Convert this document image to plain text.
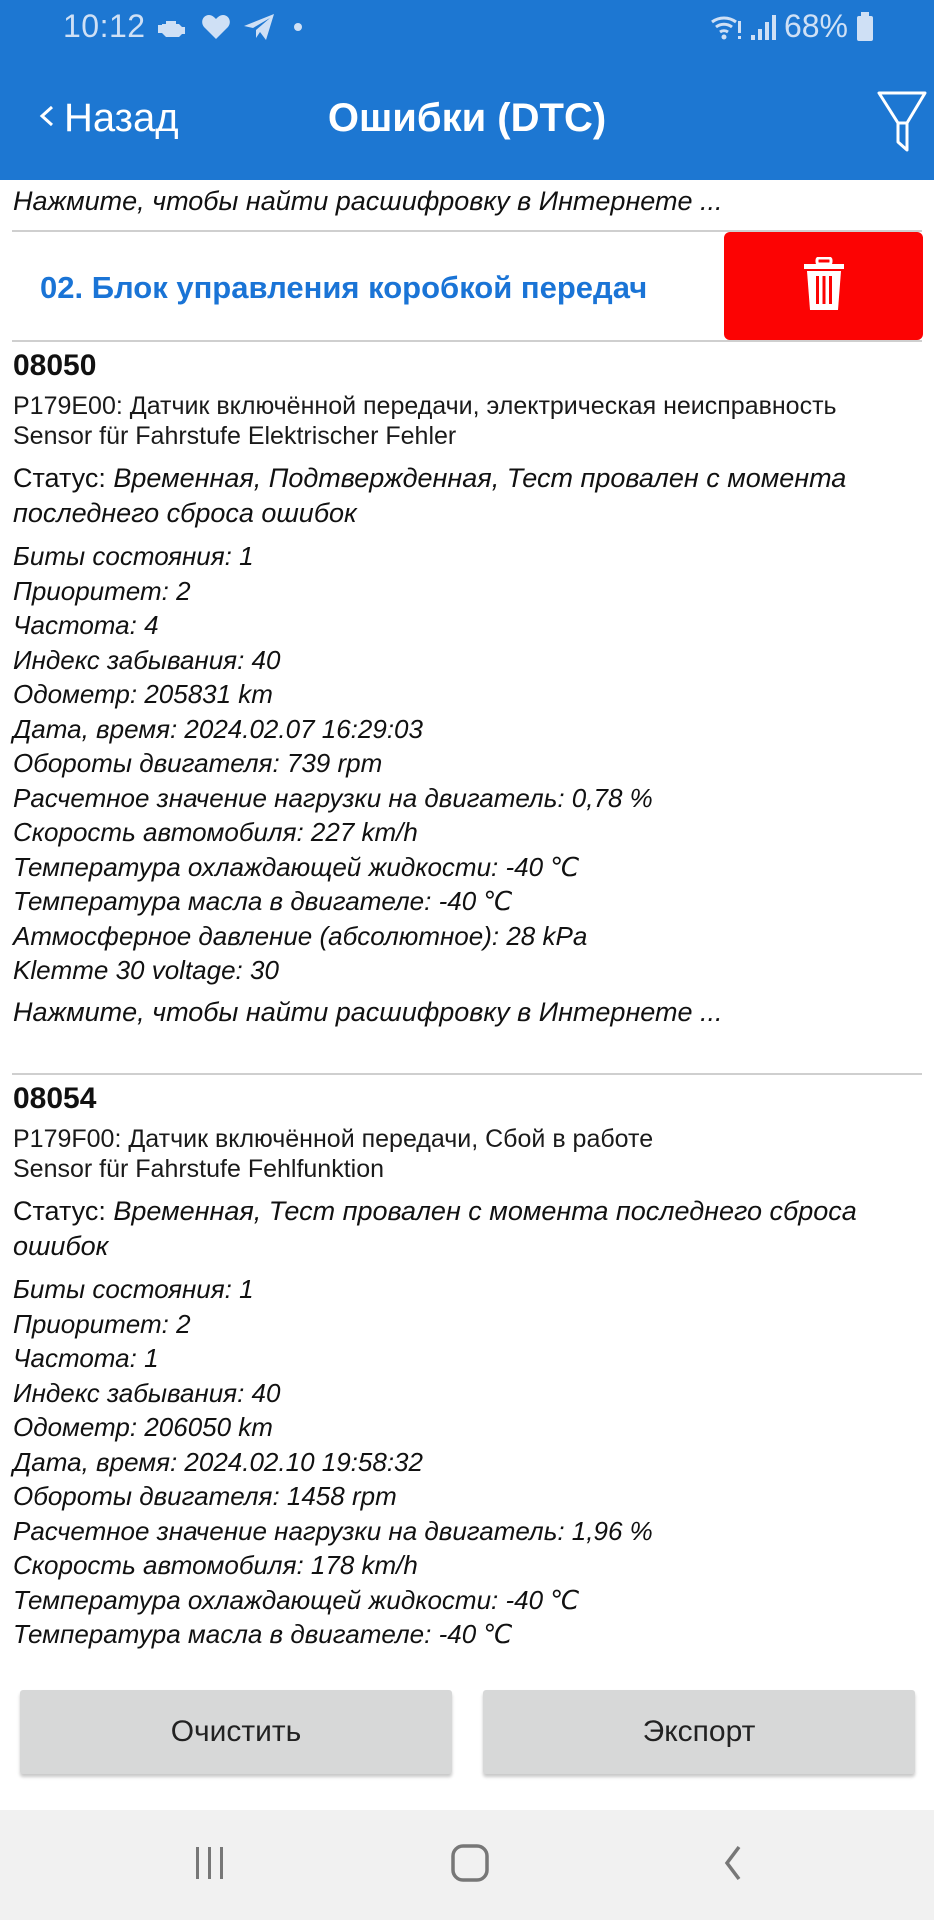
10:12	68%
Назад	Ошибки (DTC)
Нажмите, чтобы найти расшифровку в Интернете ...
02. Блок управления коробкой передач
08050
P179E00: Датчик включённой передачи, электрическая неисправность
Sensor für Fahrstufe Elektrischer Fehler
Статус: Временная, Подтвержденная, Тест провален с момента последнего сброса ошибок
Биты состояния: 1
Приоритет: 2
Частота: 4
Индекс забывания: 40
Одометр: 205831 km
Дата, время: 2024.02.07 16:29:03
Обороты двигателя: 739 rpm
Расчетное значение нагрузки на двигатель: 0,78 %
Скорость автомобиля: 227 km/h
Температура охлаждающей жидкости: -40 ℃
Температура масла в двигателе: -40 ℃
Атмосферное давление (абсолютное): 28 kPa
Klemme 30 voltage: 30
Нажмите, чтобы найти расшифровку в Интернете ...
08054
P179F00: Датчик включённой передачи, Сбой в работе
Sensor für Fahrstufe Fehlfunktion
Статус: Временная, Тест провален с момента последнего сброса ошибок
Биты состояния: 1
Приоритет: 2
Частота: 1
Индекс забывания: 40
Одометр: 206050 km
Дата, время: 2024.02.10 19:58:32
Обороты двигателя: 1458 rpm
Расчетное значение нагрузки на двигатель: 1,96 %
Скорость автомобиля: 178 km/h
Температура охлаждающей жидкости: -40 ℃
Температура масла в двигателе: -40 ℃
Очистить	Экспорт
